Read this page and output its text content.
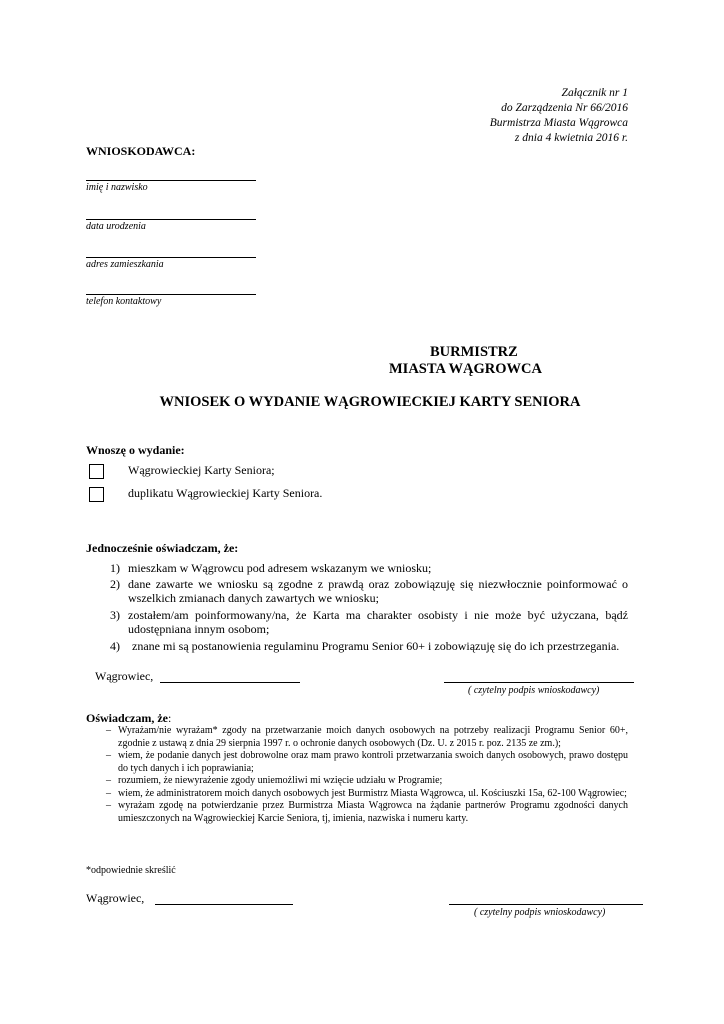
Załącznik nr 1
do Zarządzenia Nr 66/2016
Burmistrza Miasta Wągrowca
z dnia 4 kwietnia 2016 r.
WNIOSKODAWCA:
imię i nazwisko
data urodzenia
adres zamieszkania
telefon kontaktowy
BURMISTRZ
MIASTA WĄGROWCA
WNIOSEK O WYDANIE WĄGROWIECKIEJ KARTY SENIORA
Wnoszę o wydanie:
Wągrowieckiej Karty Seniora;
duplikatu Wągrowieckiej Karty Seniora.
Jednocześnie oświadczam, że:
1) mieszkam w Wągrowcu pod adresem wskazanym we wniosku;
2) dane zawarte we wniosku są zgodne z prawdą oraz zobowiązuję się niezwłocznie poinformować o wszelkich zmianach danych zawartych we wniosku;
3) zostałem/am poinformowany/na, że Karta ma charakter osobisty i nie może być użyczana, bądź udostępniana innym osobom;
4) znane mi są postanowienia regulaminu Programu Senior 60+ i zobowiązuję się do ich przestrzegania.
Wągrowiec,
( czytelny podpis wnioskodawcy)
Oświadczam, że:
– Wyrażam/nie wyrażam* zgody na przetwarzanie moich danych osobowych na potrzeby realizacji Programu Senior 60+, zgodnie z ustawą z dnia 29 sierpnia 1997 r. o ochronie danych osobowych (Dz. U. z 2015 r. poz. 2135 ze zm.);
– wiem, że podanie danych jest dobrowolne oraz mam prawo kontroli przetwarzania swoich danych osobowych, prawo dostępu do tych danych i ich poprawiania;
– rozumiem, że niewyrażenie zgody uniemożliwi mi wzięcie udziału w Programie;
– wiem, że administratorem moich danych osobowych jest Burmistrz Miasta Wągrowca, ul. Kościuszki 15a, 62-100 Wągrowiec;
– wyrażam zgodę na potwierdzanie przez Burmistrza Miasta Wągrowca na żądanie partnerów Programu zgodności danych umieszczonych na Wągrowieckiej Karcie Seniora, tj, imienia, nazwiska i numeru karty.
*odpowiednie skreślić
Wągrowiec,
( czytelny podpis wnioskodawcy)
